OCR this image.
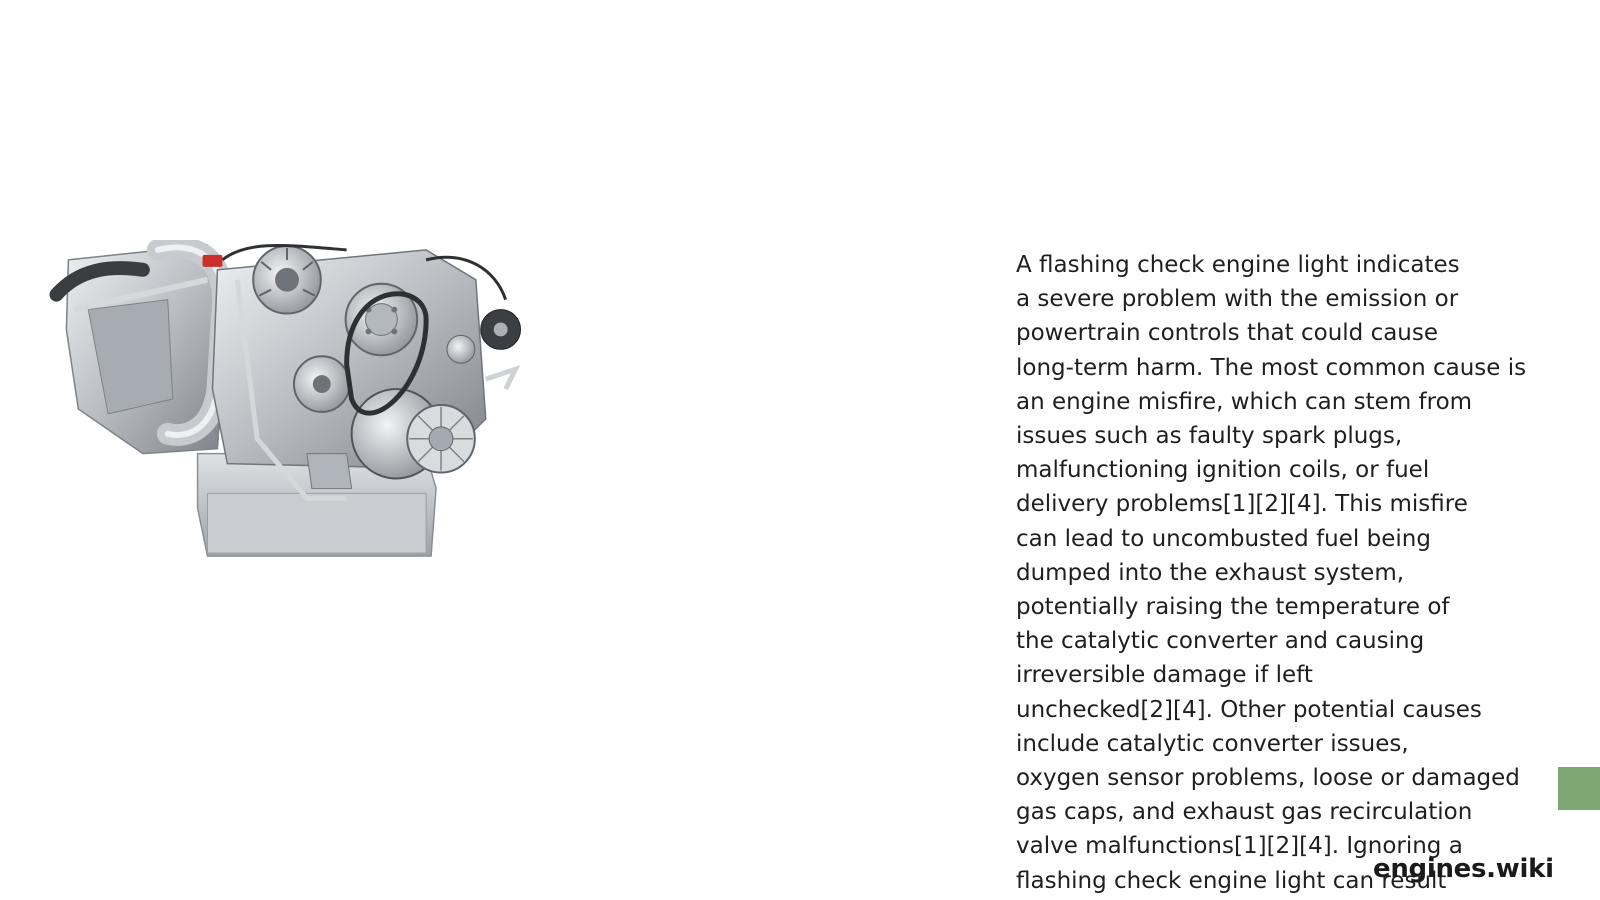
A flashing check engine light indicates
a severe problem with the emission or
powertrain controls that could cause
long-term harm. The most common cause is
an engine misfire, which can stem from
issues such as faulty spark plugs,
malfunctioning ignition coils, or fuel
delivery problems[1][2][4]. This misfire
can lead to uncombusted fuel being
dumped into the exhaust system,
potentially raising the temperature of
the catalytic converter and causing
irreversible damage if left
unchecked[2][4]. Other potential causes
include catalytic converter issues,
oxygen sensor problems, loose or damaged
gas caps, and exhaust gas recirculation
valve malfunctions[1][2][4]. Ignoring a
flashing check engine light can result

engines.wiki
